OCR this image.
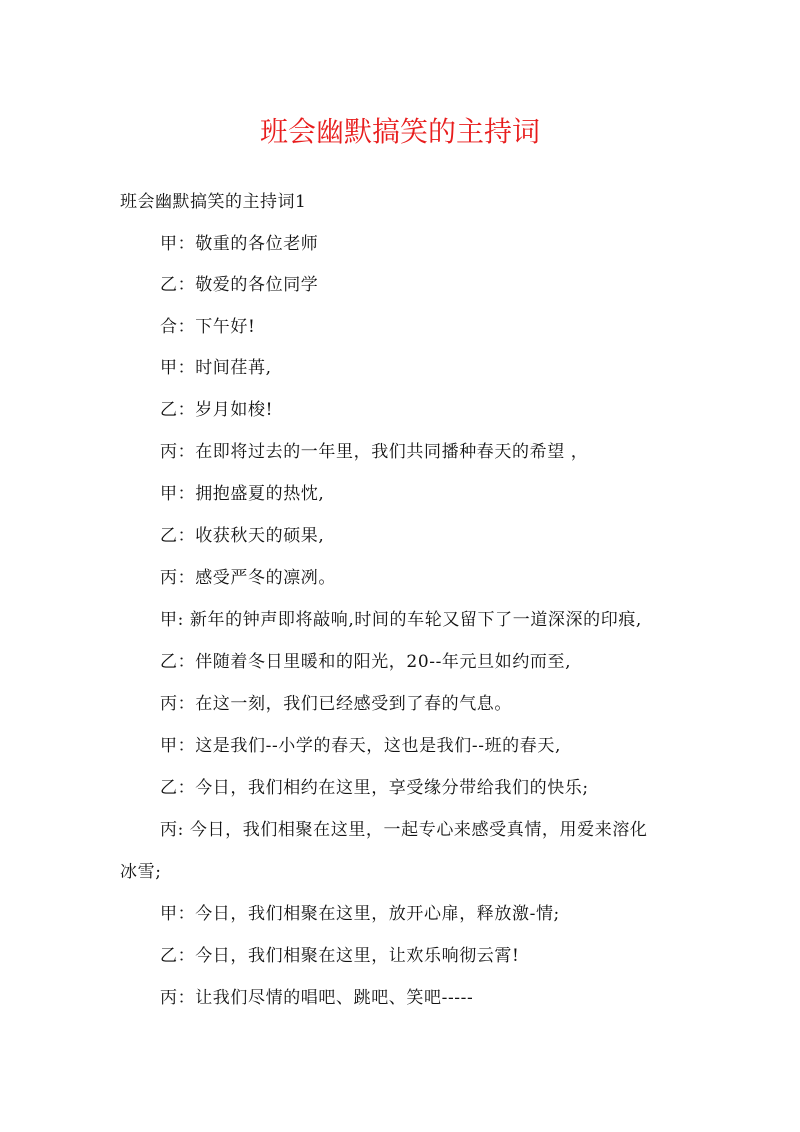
班会幽默搞笑的主持词

班会幽默搞笑的主持词1

甲：敬重的各位老师

乙：敬爱的各位同学

合：下午好!

甲：时间荏苒,

乙：岁月如梭!

丙：在即将过去的一年里，我们共同播种春天的希望 ，

甲：拥抱盛夏的热忱,

乙：收获秋天的硕果,

丙：感受严冬的凛冽。

甲: 新年的钟声即将敲响,时间的车轮又留下了一道深深的印痕,

乙：伴随着冬日里暖和的阳光，20--年元旦如约而至,

丙：在这一刻，我们已经感受到了春的气息。

甲：这是我们--小学的春天，这也是我们--班的春天,

乙：今日，我们相约在这里，享受缘分带给我们的快乐;

丙: 今日，我们相聚在这里，一起专心来感受真情，用爱来溶化

冰雪;

甲：今日，我们相聚在这里，放开心扉，释放激-情;

乙：今日，我们相聚在这里，让欢乐响彻云霄!

丙：让我们尽情的唱吧、跳吧、笑吧-----
